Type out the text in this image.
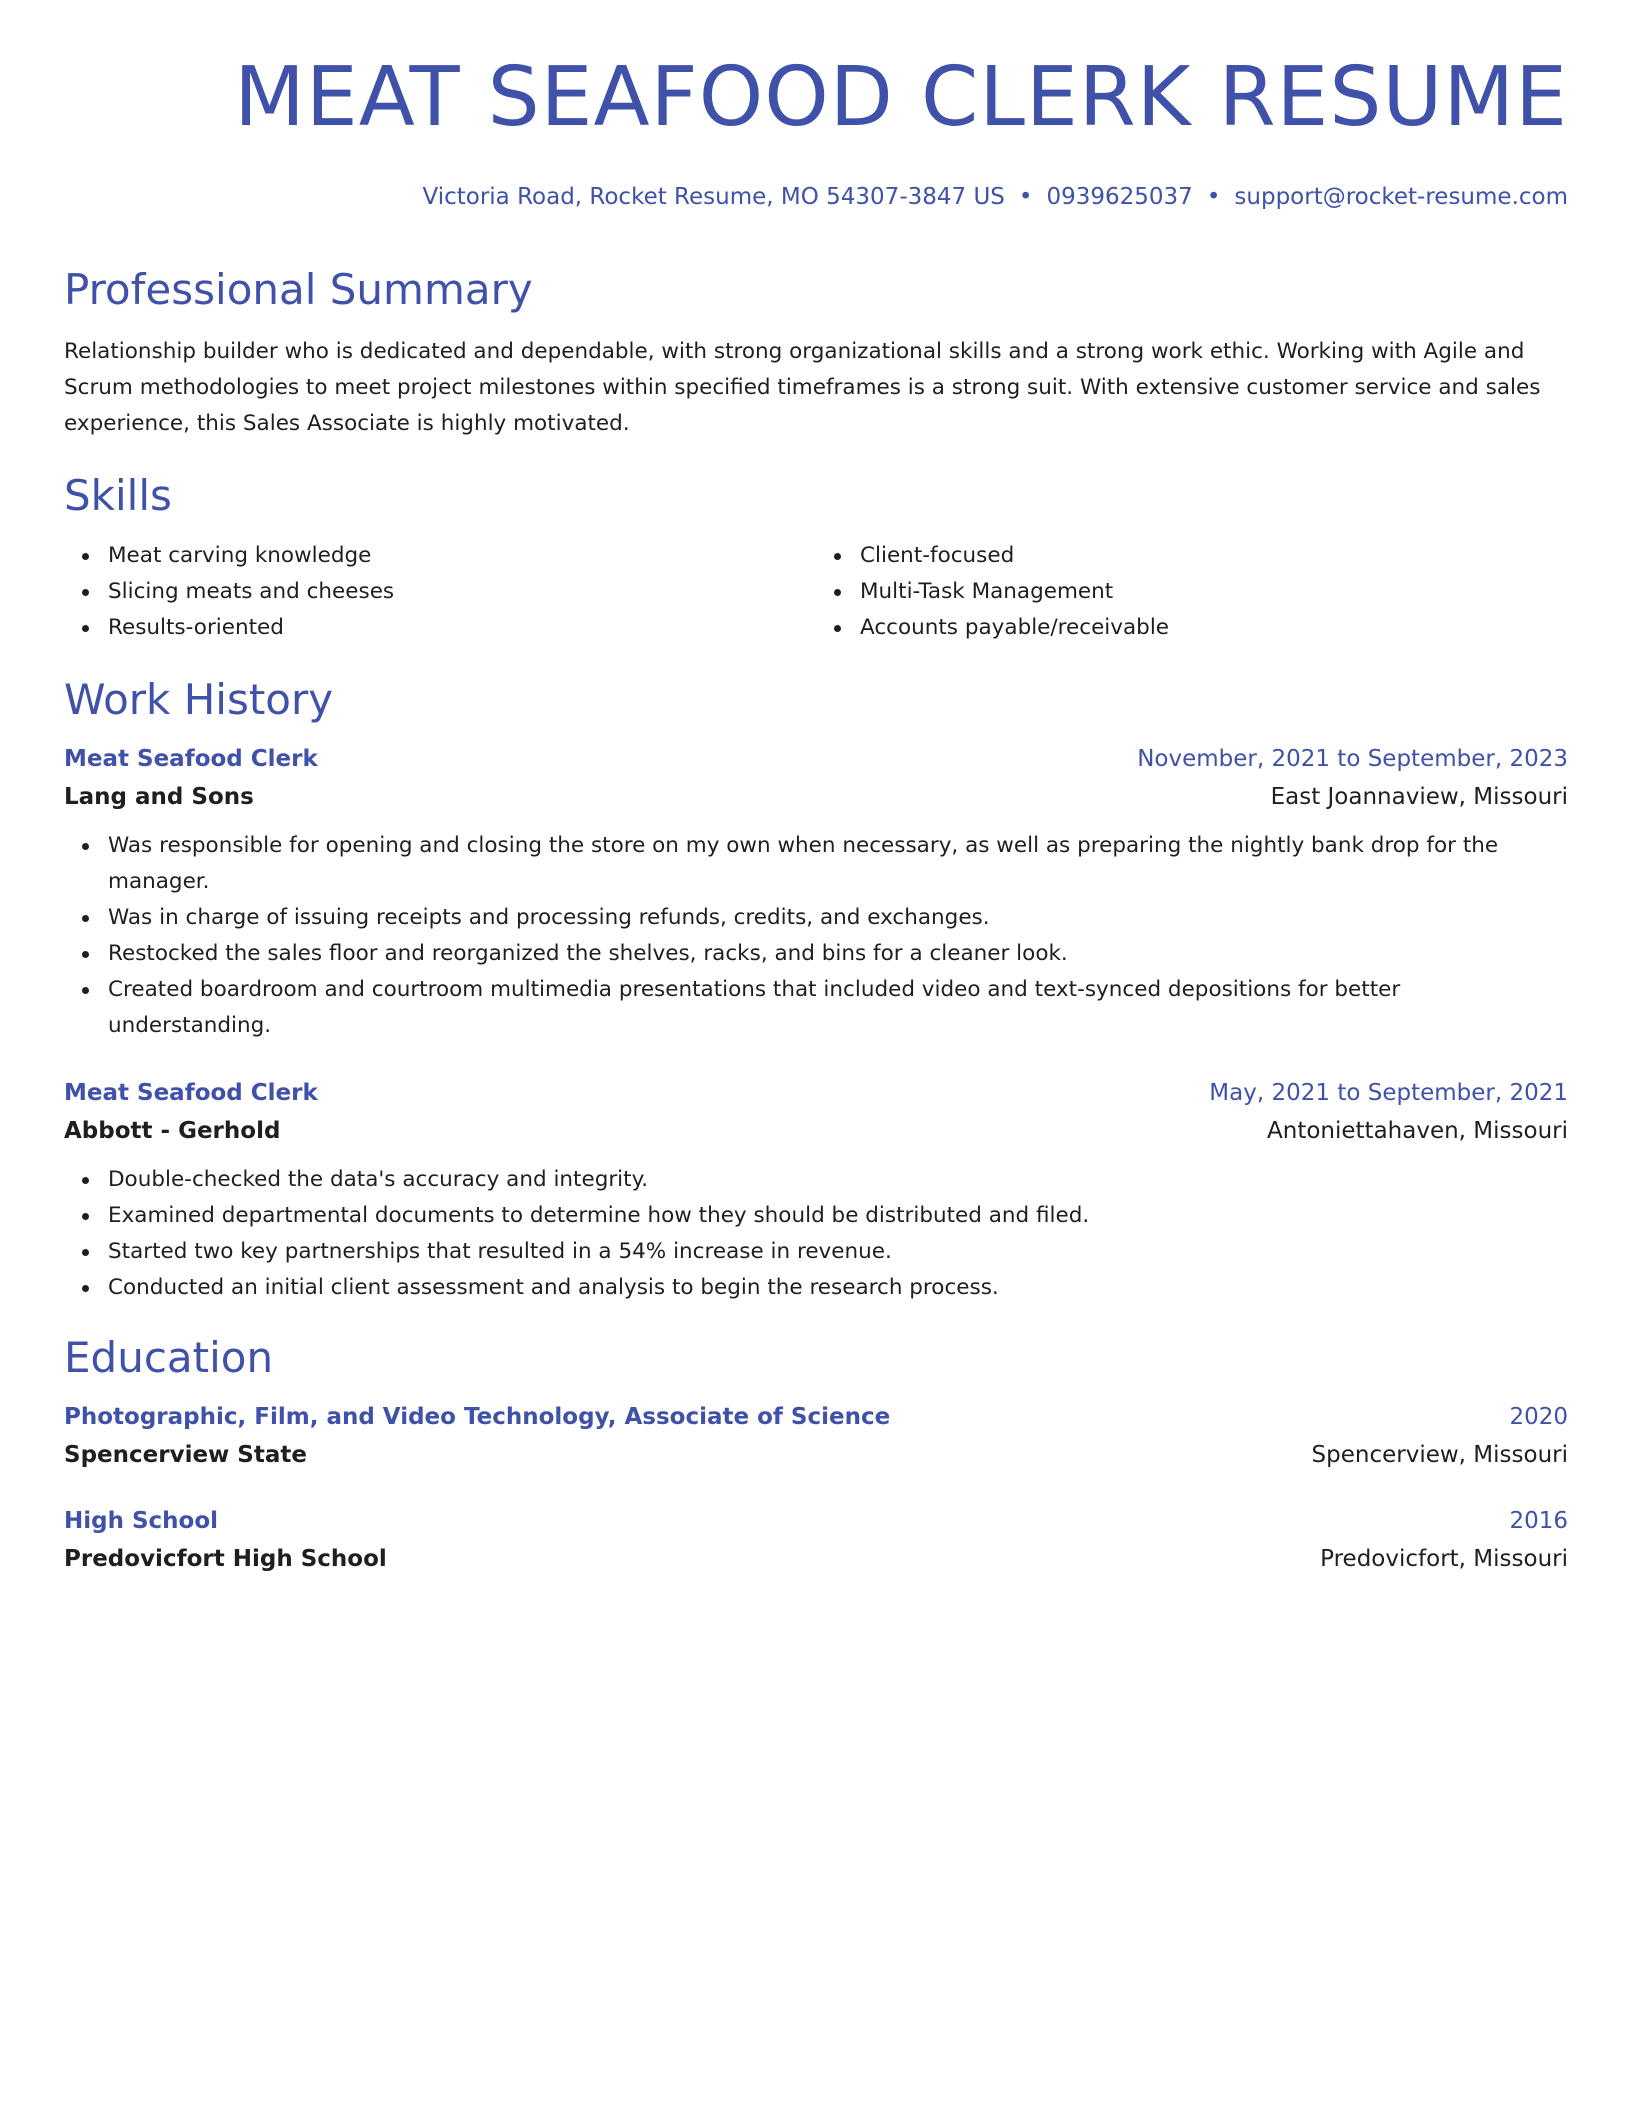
MEAT SEAFOOD CLERK RESUME
Victoria Road, Rocket Resume, MO 54307-3847 US • 0939625037 • support@rocket-resume.com
Professional Summary

Relationship builder who is dedicated and dependable, with strong organizational skills and a strong work ethic. Working with Agile and Scrum methodologies to meet project milestones within specified timeframes is a strong suit. With extensive customer service and sales experience, this Sales Associate is highly motivated.

Skills
Meat carving knowledge
Slicing meats and cheeses
Results-oriented
Client-focused
Multi-Task Management
Accounts payable/receivable
Work History
Meat Seafood Clerk	November, 2021 to September, 2023
Lang and Sons	East Joannaview, Missouri
Was responsible for opening and closing the store on my own when necessary, as well as preparing the nightly bank drop for the manager.
Was in charge of issuing receipts and processing refunds, credits, and exchanges.
Restocked the sales floor and reorganized the shelves, racks, and bins for a cleaner look.
Created boardroom and courtroom multimedia presentations that included video and text-synced depositions for better understanding.
Meat Seafood Clerk	May, 2021 to September, 2021
Abbott - Gerhold	Antoniettahaven, Missouri
Double-checked the data's accuracy and integrity.
Examined departmental documents to determine how they should be distributed and filed.
Started two key partnerships that resulted in a 54% increase in revenue.
Conducted an initial client assessment and analysis to begin the research process.
Education
Photographic, Film, and Video Technology, Associate of Science	2020
Spencerview State	Spencerview, Missouri
High School	2016
Predovicfort High School	Predovicfort, Missouri
